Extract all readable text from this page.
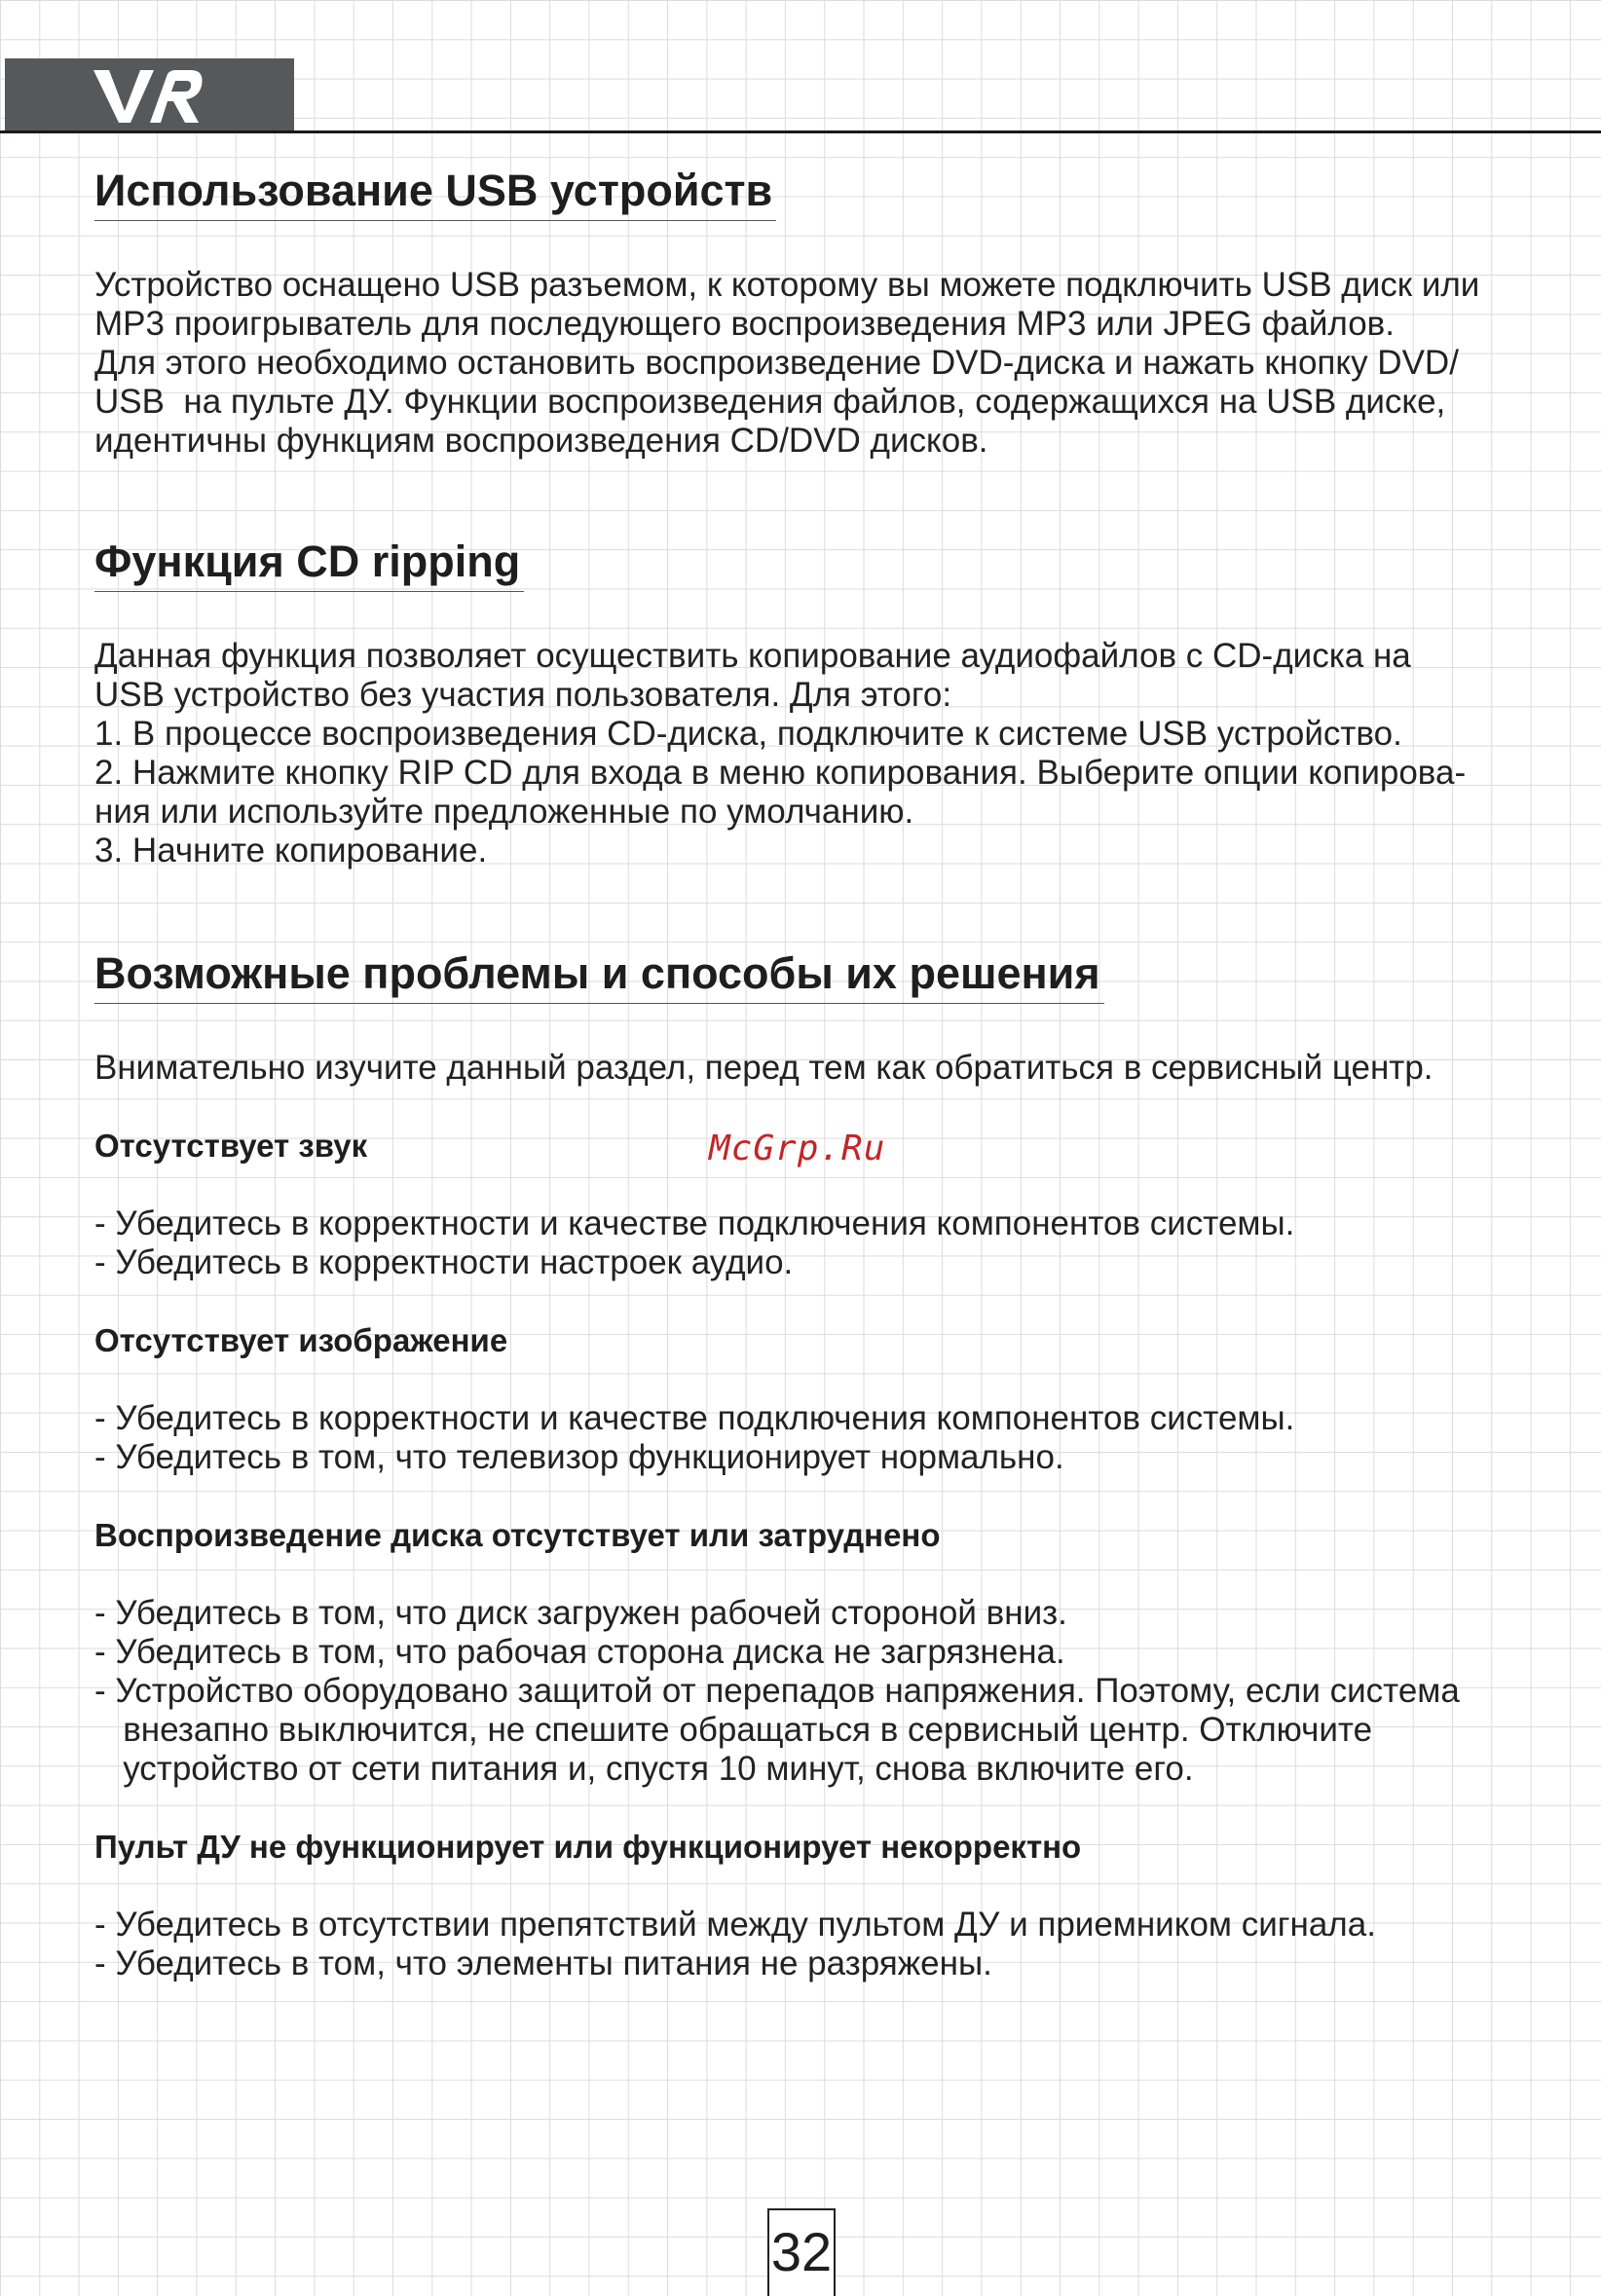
Использование USB устройств

Устройство оснащено USB разъемом, к которому вы можете подключить USB диск или

MP3 проигрыватель для последующего воспроизведения MP3 или JPEG файлов.

Для этого необходимо остановить воспроизведение DVD-диска и нажать кнопку DVD/

USB  на пульте ДУ. Функции воспроизведения файлов, содержащихся на USB диске,

идентичны функциям воспроизведения CD/DVD дисков.

Функция CD ripping

Данная функция позволяет осуществить копирование аудиофайлов с CD-диска на

USB устройство без участия пользователя. Для этого:

1. В процессе воспроизведения CD-диска, подключите к системе USB устройство.

2. Нажмите кнопку RIP CD для входа в меню копирования. Выберите опции копирова-

ния или используйте предложенные по умолчанию.

3. Начните копирование.

Возможные проблемы и способы их решения

Внимательно изучите данный раздел, перед тем как обратиться в сервисный центр.

Отсутствует звук

- Убедитесь в корректности и качестве подключения компонентов системы.

- Убедитесь в корректности настроек аудио.

Отсутствует изображение

- Убедитесь в корректности и качестве подключения компонентов системы.

- Убедитесь в том, что телевизор функционирует нормально.

Воспроизведение диска отсутствует или затруднено

- Убедитесь в том, что диск загружен рабочей стороной вниз.

- Убедитесь в том, что рабочая сторона диска не загрязнена.

- Устройство оборудовано защитой от перепадов напряжения. Поэтому, если система

внезапно выключится, не спешите обращаться в сервисный центр. Отключите

устройство от сети питания и, спустя 10 минут, снова включите его.

Пульт ДУ не функционирует или функционирует некорректно

- Убедитесь в отсутствии препятствий между пультом ДУ и приемником сигнала.

- Убедитесь в том, что элементы питания не разряжены.

McGrp.Ru
32
